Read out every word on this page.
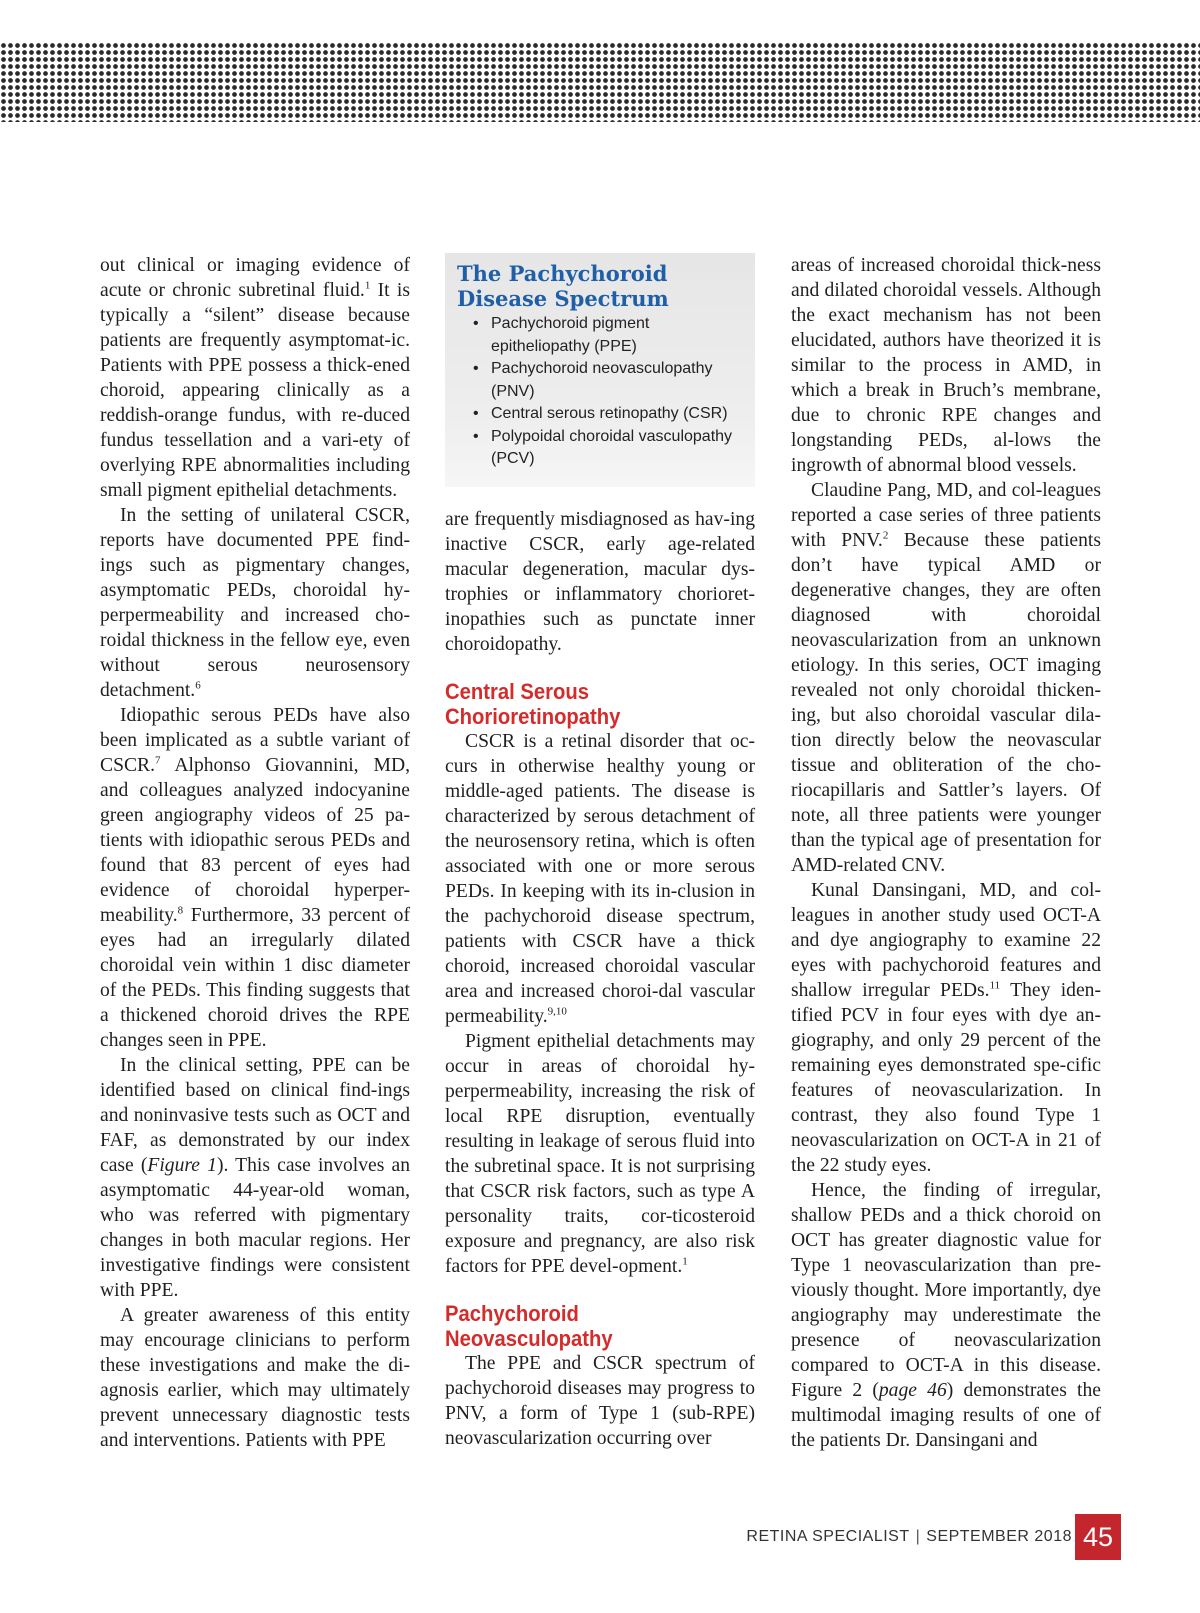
out clinical or imaging evidence of acute or chronic subretinal fluid.$^1$ It is typically a “silent” disease because patients are frequently asymptomat-ic. Patients with PPE possess a thick-ened choroid, appearing clinically as a reddish-orange fundus, with re-duced fundus tessellation and a vari-ety of overlying RPE abnormalities including small pigment epithelial detachments.

In the setting of unilateral CSCR, reports have documented PPE find-ings such as pigmentary changes, asymptomatic PEDs, choroidal hy-perpermeability and increased cho-roidal thickness in the fellow eye, even without serous neurosensory detachment.$^6$

Idiopathic serous PEDs have also been implicated as a subtle variant of CSCR.$^7$ Alphonso Giovannini, MD, and colleagues analyzed indocyanine green angiography videos of 25 pa-tients with idiopathic serous PEDs and found that 83 percent of eyes had evidence of choroidal hyperper-meability.$^8$ Furthermore, 33 percent of eyes had an irregularly dilated choroidal vein within 1 disc diameter of the PEDs. This finding suggests that a thickened choroid drives the RPE changes seen in PPE.

In the clinical setting, PPE can be identified based on clinical find-ings and noninvasive tests such as OCT and FAF, as demonstrated by our index case (Figure 1). This case involves an asymptomatic 44-year-old woman, who was referred with pigmentary changes in both macular regions. Her investigative findings were consistent with PPE.

A greater awareness of this entity may encourage clinicians to perform these investigations and make the di-agnosis earlier, which may ultimately prevent unnecessary diagnostic tests and interventions. Patients with PPE

The Pachychoroid Disease Spectrum
• Pachychoroid pigment epitheliopathy (PPE)
• Pachychoroid neovasculopathy (PNV)
• Central serous retinopathy (CSR)
• Polypoidal choroidal vasculopathy (PCV)

are frequently misdiagnosed as hav-ing inactive CSCR, early age-related macular degeneration, macular dys-trophies or inflammatory chorioret-inopathies such as punctate inner choroidopathy.

Central Serous Chorioretinopathy

CSCR is a retinal disorder that oc-curs in otherwise healthy young or middle-aged patients. The disease is characterized by serous detachment of the neurosensory retina, which is often associated with one or more serous PEDs. In keeping with its in-clusion in the pachychoroid disease spectrum, patients with CSCR have a thick choroid, increased choroidal vascular area and increased choroi-dal vascular permeability.$^{9,10}$

Pigment epithelial detachments may occur in areas of choroidal hy-perpermeability, increasing the risk of local RPE disruption, eventually resulting in leakage of serous fluid into the subretinal space. It is not surprising that CSCR risk factors, such as type A personality traits, cor-ticosteroid exposure and pregnancy, are also risk factors for PPE devel-opment.$^1$

Pachychoroid Neovasculopathy

The PPE and CSCR spectrum of pachychoroid diseases may progress to PNV, a form of Type 1 (sub-RPE) neovascularization occurring over

areas of increased choroidal thick-ness and dilated choroidal vessels. Although the exact mechanism has not been elucidated, authors have theorized it is similar to the process in AMD, in which a break in Bruch’s membrane, due to chronic RPE changes and longstanding PEDs, al-lows the ingrowth of abnormal blood vessels.

Claudine Pang, MD, and col-leagues reported a case series of three patients with PNV.$^2$ Because these patients don’t have typical AMD or degenerative changes, they are often diagnosed with choroidal neovascularization from an unknown etiology. In this series, OCT imaging revealed not only choroidal thicken-ing, but also choroidal vascular dila-tion directly below the neovascular tissue and obliteration of the cho-riocapillaris and Sattler’s layers. Of note, all three patients were younger than the typical age of presentation for AMD-related CNV.

Kunal Dansingani, MD, and col-leagues in another study used OCT-A and dye angiography to examine 22 eyes with pachychoroid features and shallow irregular PEDs.$^{11}$ They iden-tified PCV in four eyes with dye an-giography, and only 29 percent of the remaining eyes demonstrated spe-cific features of neovascularization. In contrast, they also found Type 1 neovascularization on OCT-A in 21 of the 22 study eyes.

Hence, the finding of irregular, shallow PEDs and a thick choroid on OCT has greater diagnostic value for Type 1 neovascularization than pre-viously thought. More importantly, dye angiography may underestimate the presence of neovascularization compared to OCT-A in this disease. Figure 2 (page 46) demonstrates the multimodal imaging results of one of the patients Dr. Dansingani and

RETINA SPECIALIST | SEPTEMBER 2018 45
